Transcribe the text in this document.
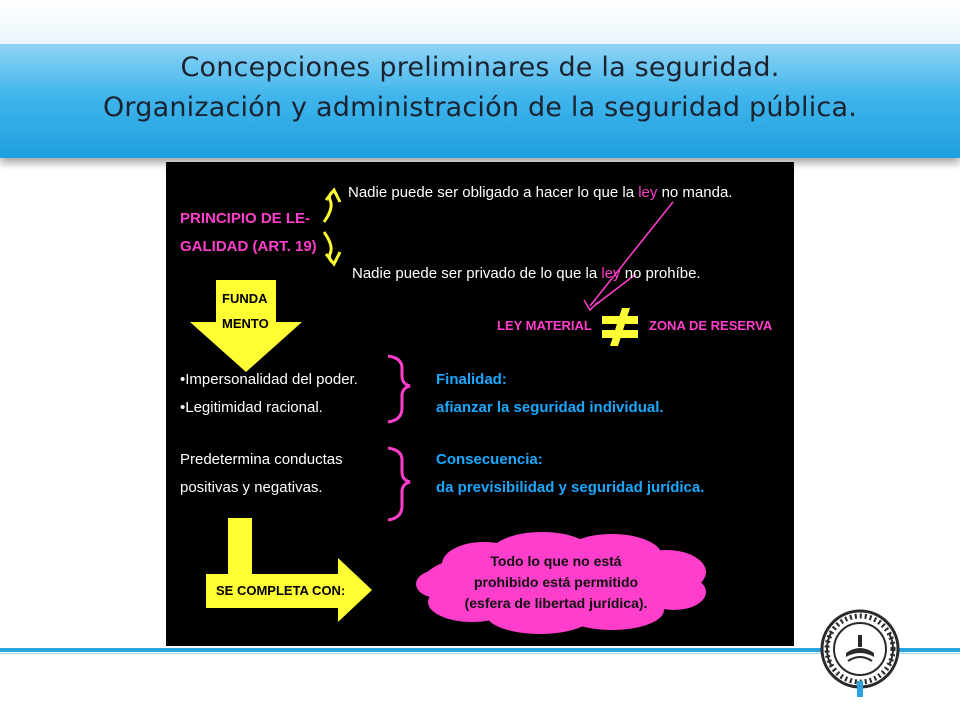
Concepciones preliminares de la seguridad.
Organización y administración de la seguridad pública.
PRINCIPIO DE LE-
GALIDAD (ART. 19)
Nadie puede ser obligado a hacer lo que la ley no manda.
Nadie puede ser privado de lo que la ley no prohíbe.
FUNDA
MENTO	LEY MATERIAL	ZONA DE RESERVA
•Impersonalidad del poder.
•Legitimidad racional.
Finalidad:
afianzar la seguridad individual.
Predetermina conductas
positivas y negativas.
Consecuencia:
da previsibilidad y seguridad jurídica.
SE COMPLETA CON:
Todo lo que no está
prohibido está permitido
(esfera de libertad jurídica).
